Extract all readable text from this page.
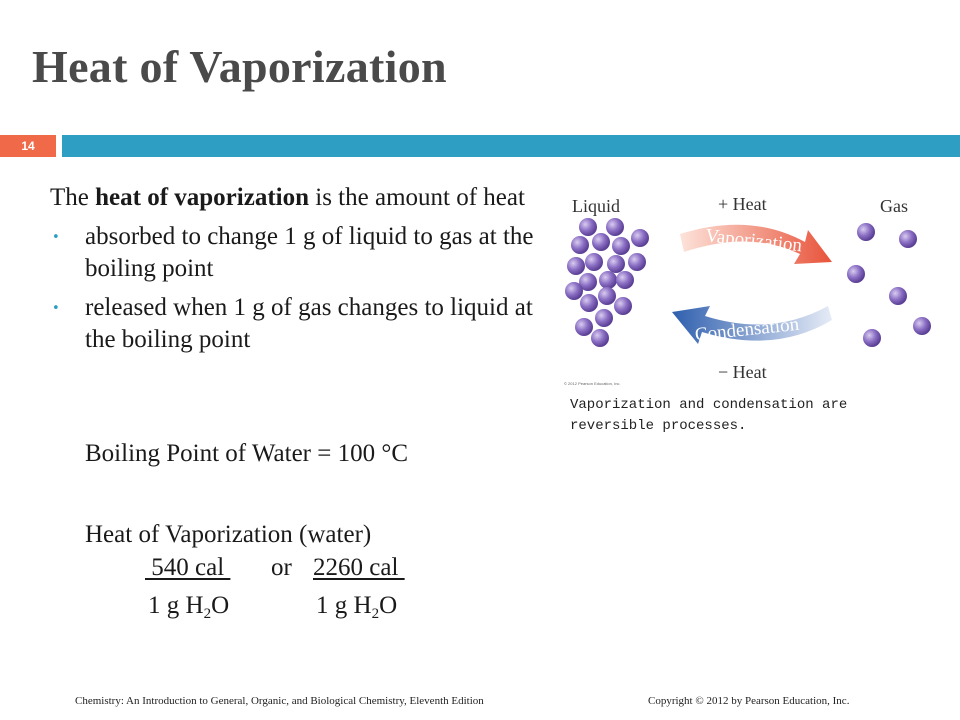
Heat of Vaporization
14
The heat of vaporization is the amount of heat
• absorbed to change 1 g of liquid to gas at the boiling point
• released when 1 g of gas changes to liquid at the boiling point
Boiling Point of Water = 100 °C
Heat of Vaporization (water)
540 cal or 2260 cal
1 g $H_2O$	1 g $H_2O$
Liquid	+ Heat	Gas
− Heat
Vaporization
Condensation
© 2012 Pearson Education, Inc.
Vaporization and condensation are reversible processes.
Chemistry: An Introduction to General, Organic, and Biological Chemistry, Eleventh Edition	Copyright © 2012 by Pearson Education, Inc.
